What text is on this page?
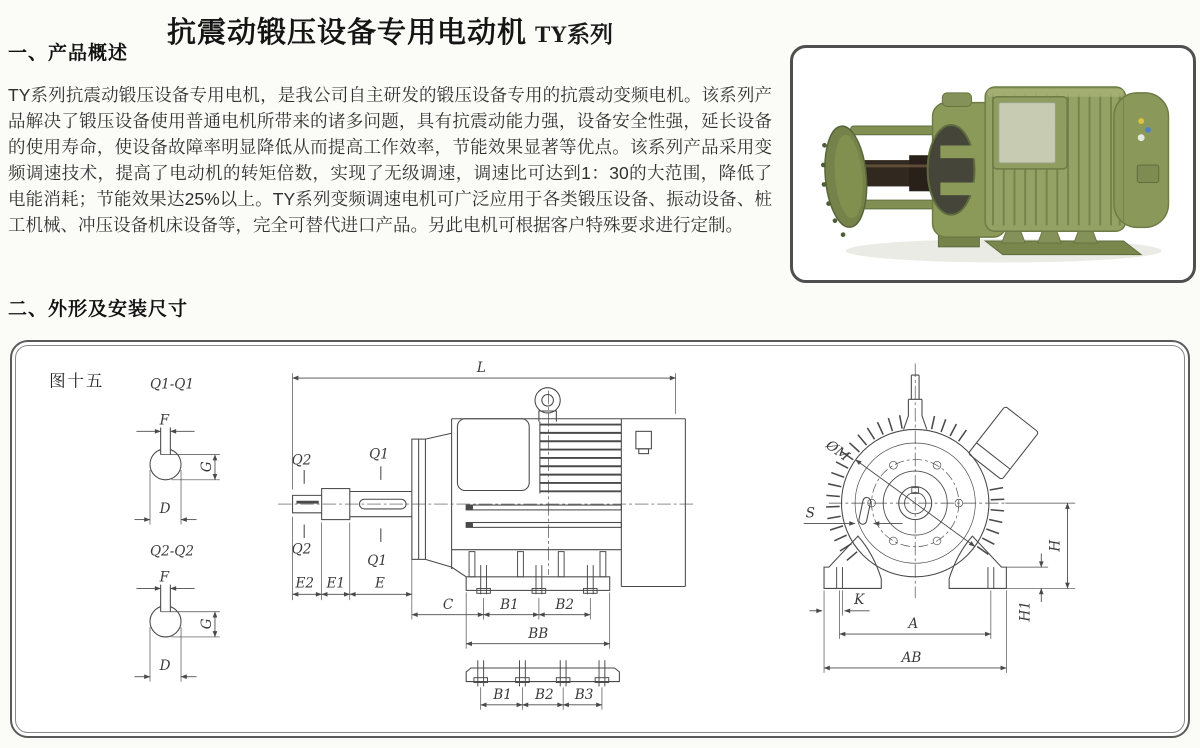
抗震动锻压设备专用电动机 TY系列
一、产品概述

TY系列抗震动锻压设备专用电机，是我公司自主研发的锻压设备专用的抗震动变频电机。该系列产品解决了锻压设备使用普通电机所带来的诸多问题，具有抗震动能力强，设备安全性强，延长设备的使用寿命，使设备故障率明显降低从而提高工作效率，节能效果显著等优点。该系列产品采用变频调速技术，提高了电动机的转矩倍数，实现了无级调速，调速比可达到1：30的大范围，降低了电能消耗；节能效果达25%以上。TY系列变频调速电机可广泛应用于各类锻压设备、振动设备、桩工机械、冲压设备机床设备等，完全可替代进口产品。另此电机可根据客户特殊要求进行定制。

二、外形及安装尺寸
图十五	Q1-Q1
F
G
D
Q2-Q2
F
G
D
L
Q2
Q2
Q1
Q1
E2 E1 E
C	B1	B2
BB
B1 B2 B3
ØM
S
H
H1
K
A
AB
